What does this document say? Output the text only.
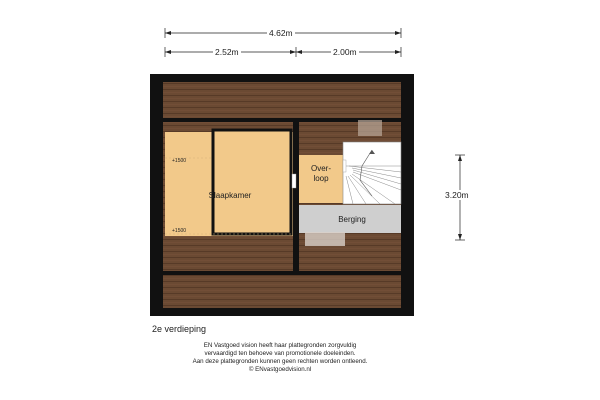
4.62m
2.52m	2.00m
3.20m
Slaapkamer
Over-
loop
Berging
+1500
+1500
2e verdieping
EN Vastgoed vision heeft haar plattegronden zorgvuldig
vervaardigd ten behoeve van promotionele doeleinden.
Aan deze plattegronden kunnen geen rechten worden ontleend.
© ENvastgoedvision.nl
